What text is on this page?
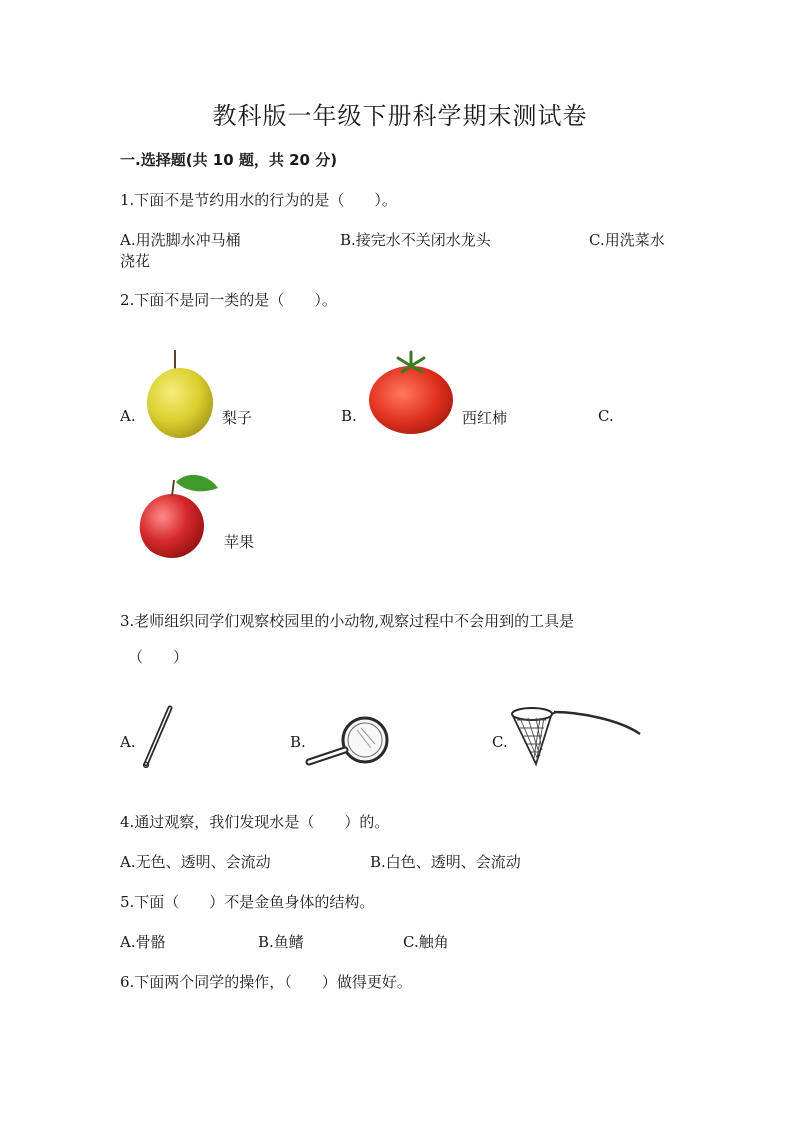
教科版一年级下册科学期末测试卷
一.选择题(共 10 题，共 20 分)
1.下面不是节约用水的行为的是（　　）。
A.用洗脚水冲马桶	B.接完水不关闭水龙头	C.用洗菜水
浇花
2.下面不是同一类的是（　　）。
A.	梨子	B.	西红柿	C.
苹果
3.老师组织同学们观察校园里的小动物,观察过程中不会用到的工具是
（　　）
A.	B.	C.
4.通过观察，我们发现水是（　　）的。
A.无色、透明、会流动	B.白色、透明、会流动
5.下面（　　）不是金鱼身体的结构。
A.骨骼	B.鱼鳍	C.触角
6.下面两个同学的操作，（　　）做得更好。
